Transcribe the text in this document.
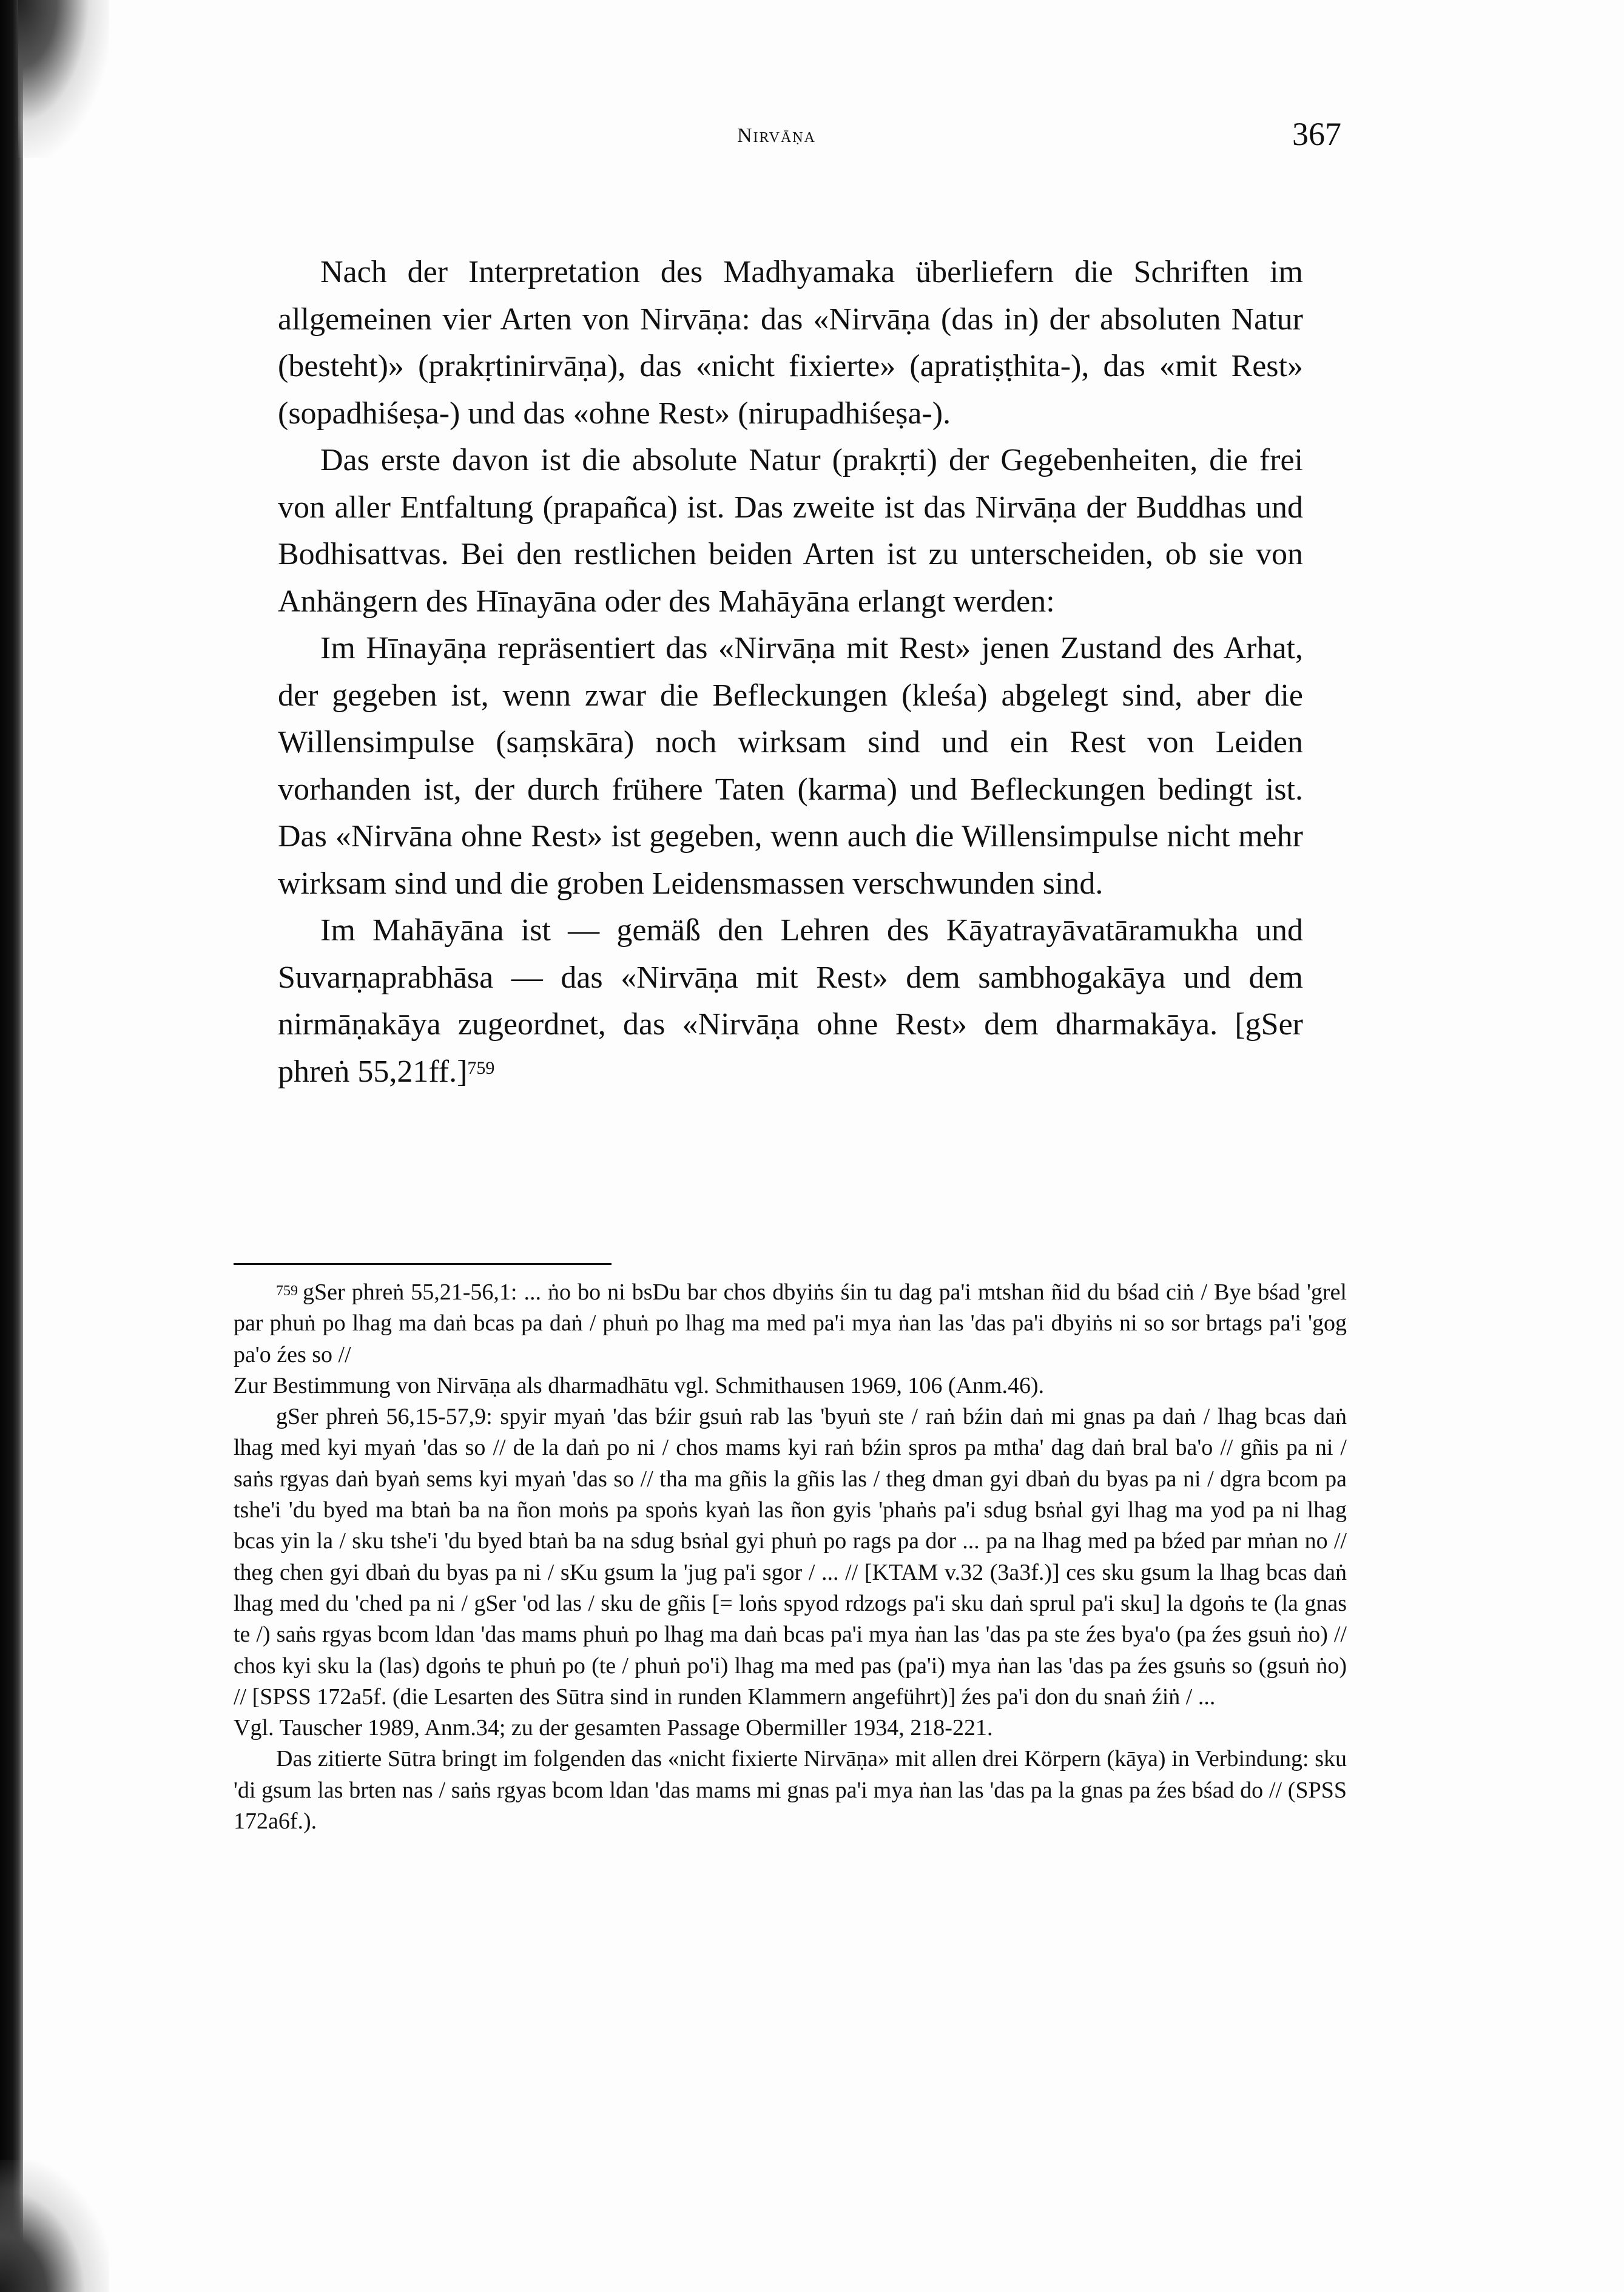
Nirvāṇa	367

Nach der Interpretation des Madhyamaka überliefern die Schriften im allgemeinen vier Arten von Nirvāṇa: das «Nirvāṇa (das in) der absoluten Natur (besteht)» (prakṛtinirvāṇa), das «nicht fixierte» (apratiṣṭhita-), das «mit Rest» (sopadhiśeṣa-) und das «ohne Rest» (nirupadhiśeṣa-).

Das erste davon ist die absolute Natur (prakṛti) der Gegebenheiten, die frei von aller Entfaltung (prapañca) ist. Das zweite ist das Nirvāṇa der Buddhas und Bodhisattvas. Bei den restlichen beiden Arten ist zu unterscheiden, ob sie von Anhängern des Hīnayāna oder des Mahāyāna erlangt werden:

Im Hīnayāṇa repräsentiert das «Nirvāṇa mit Rest» jenen Zustand des Arhat, der gegeben ist, wenn zwar die Befleckungen (kleśa) abgelegt sind, aber die Willensimpulse (saṃskāra) noch wirksam sind und ein Rest von Leiden vorhanden ist, der durch frühere Taten (karma) und Befleckungen bedingt ist. Das «Nirvāna ohne Rest» ist gegeben, wenn auch die Willensimpulse nicht mehr wirksam sind und die groben Leidensmassen verschwunden sind.

Im Mahāyāna ist — gemäß den Lehren des Kāyatrayāvatāramukha und Suvarṇaprabhāsa — das «Nirvāṇa mit Rest» dem sambhogakāya und dem nirmāṇakāya zugeordnet, das «Nirvāṇa ohne Rest» dem dharmakāya. [gSer phreṅ 55,21ff.]$^{759}$

$^{759}$ gSer phreṅ 55,21-56,1: ... ṅo bo ni bsDu bar chos dbyiṅs śin tu dag pa'i mtshan ñid du bśad ciṅ / Bye bśad 'grel par phuṅ po lhag ma daṅ bcas pa daṅ / phuṅ po lhag ma med pa'i mya ṅan las 'das pa'i dbyiṅs ni so sor brtags pa'i 'gog pa'o źes so //

Zur Bestimmung von Nirvāṇa als dharmadhātu vgl. Schmithausen 1969, 106 (Anm.46).

gSer phreṅ 56,15-57,9: spyir myaṅ 'das bźir gsuṅ rab las 'byuṅ ste / raṅ bźin daṅ mi gnas pa daṅ / lhag bcas daṅ lhag med kyi myaṅ 'das so // de la daṅ po ni / chos mams kyi raṅ bźin spros pa mtha' dag daṅ bral ba'o // gñis pa ni / saṅs rgyas daṅ byaṅ sems kyi myaṅ 'das so // tha ma gñis la gñis las / theg dman gyi dbaṅ du byas pa ni / dgra bcom pa tshe'i 'du byed ma btaṅ ba na ñon moṅs pa spoṅs kyaṅ las ñon gyis 'phaṅs pa'i sdug bsṅal gyi lhag ma yod pa ni lhag bcas yin la / sku tshe'i 'du byed btaṅ ba na sdug bsṅal gyi phuṅ po rags pa dor ... pa na lhag med pa bźed par mṅan no // theg chen gyi dbaṅ du byas pa ni / sKu gsum la 'jug pa'i sgor / ... // [KTAM v.32 (3a3f.)] ces sku gsum la lhag bcas daṅ lhag med du 'ched pa ni / gSer 'od las / sku de gñis [= loṅs spyod rdzogs pa'i sku daṅ sprul pa'i sku] la dgoṅs te (la gnas te /) saṅs rgyas bcom ldan 'das mams phuṅ po lhag ma daṅ bcas pa'i mya ṅan las 'das pa ste źes bya'o (pa źes gsuṅ ṅo) // chos kyi sku la (las) dgoṅs te phuṅ po (te / phuṅ po'i) lhag ma med pas (pa'i) mya ṅan las 'das pa źes gsuṅs so (gsuṅ ṅo) // [SPSS 172a5f. (die Lesarten des Sūtra sind in runden Klammern angeführt)] źes pa'i don du snaṅ źiṅ / ...

Vgl. Tauscher 1989, Anm.34; zu der gesamten Passage Obermiller 1934, 218-221.

Das zitierte Sūtra bringt im folgenden das «nicht fixierte Nirvāṇa» mit allen drei Körpern (kāya) in Verbindung: sku 'di gsum las brten nas / saṅs rgyas bcom ldan 'das mams mi gnas pa'i mya ṅan las 'das pa la gnas pa źes bśad do // (SPSS 172a6f.).
